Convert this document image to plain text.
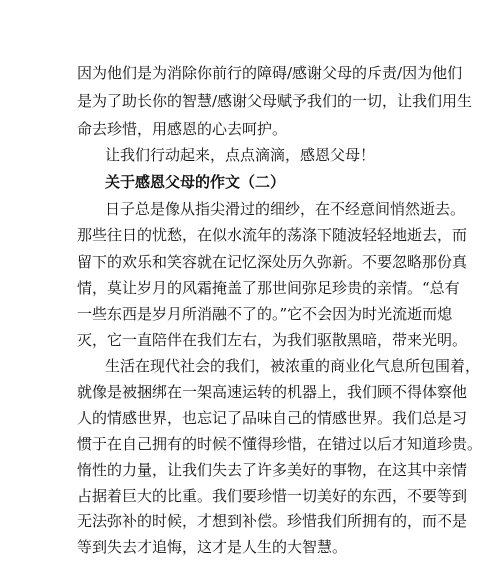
因为他们是为消除你前行的障碍/感谢父母的斥责/因为他们
是为了助长你的智慧/感谢父母赋予我们的一切，让我们用生
命去珍惜，用感恩的心去呵护。
让我们行动起来，点点滴滴，感恩父母！
关于感恩父母的作文（二）
日子总是像从指尖滑过的细纱，在不经意间悄然逝去。
那些往日的忧愁，在似水流年的荡涤下随波轻轻地逝去，而
留下的欢乐和笑容就在记忆深处历久弥新。不要忽略那份真
情，莫让岁月的风霜掩盖了那世间弥足珍贵的亲情。“总有
一些东西是岁月所消融不了的。”它不会因为时光流逝而熄
灭，它一直陪伴在我们左右，为我们驱散黑暗，带来光明。
生活在现代社会的我们，被浓重的商业化气息所包围着，
就像是被捆绑在一架高速运转的机器上，我们顾不得体察他
人的情感世界，也忘记了品味自己的情感世界。我们总是习
惯于在自己拥有的时候不懂得珍惜，在错过以后才知道珍贵。
惰性的力量，让我们失去了许多美好的事物，在这其中亲情
占据着巨大的比重。我们要珍惜一切美好的东西，不要等到
无法弥补的时候，才想到补偿。珍惜我们所拥有的，而不是
等到失去才追悔，这才是人生的大智慧。
